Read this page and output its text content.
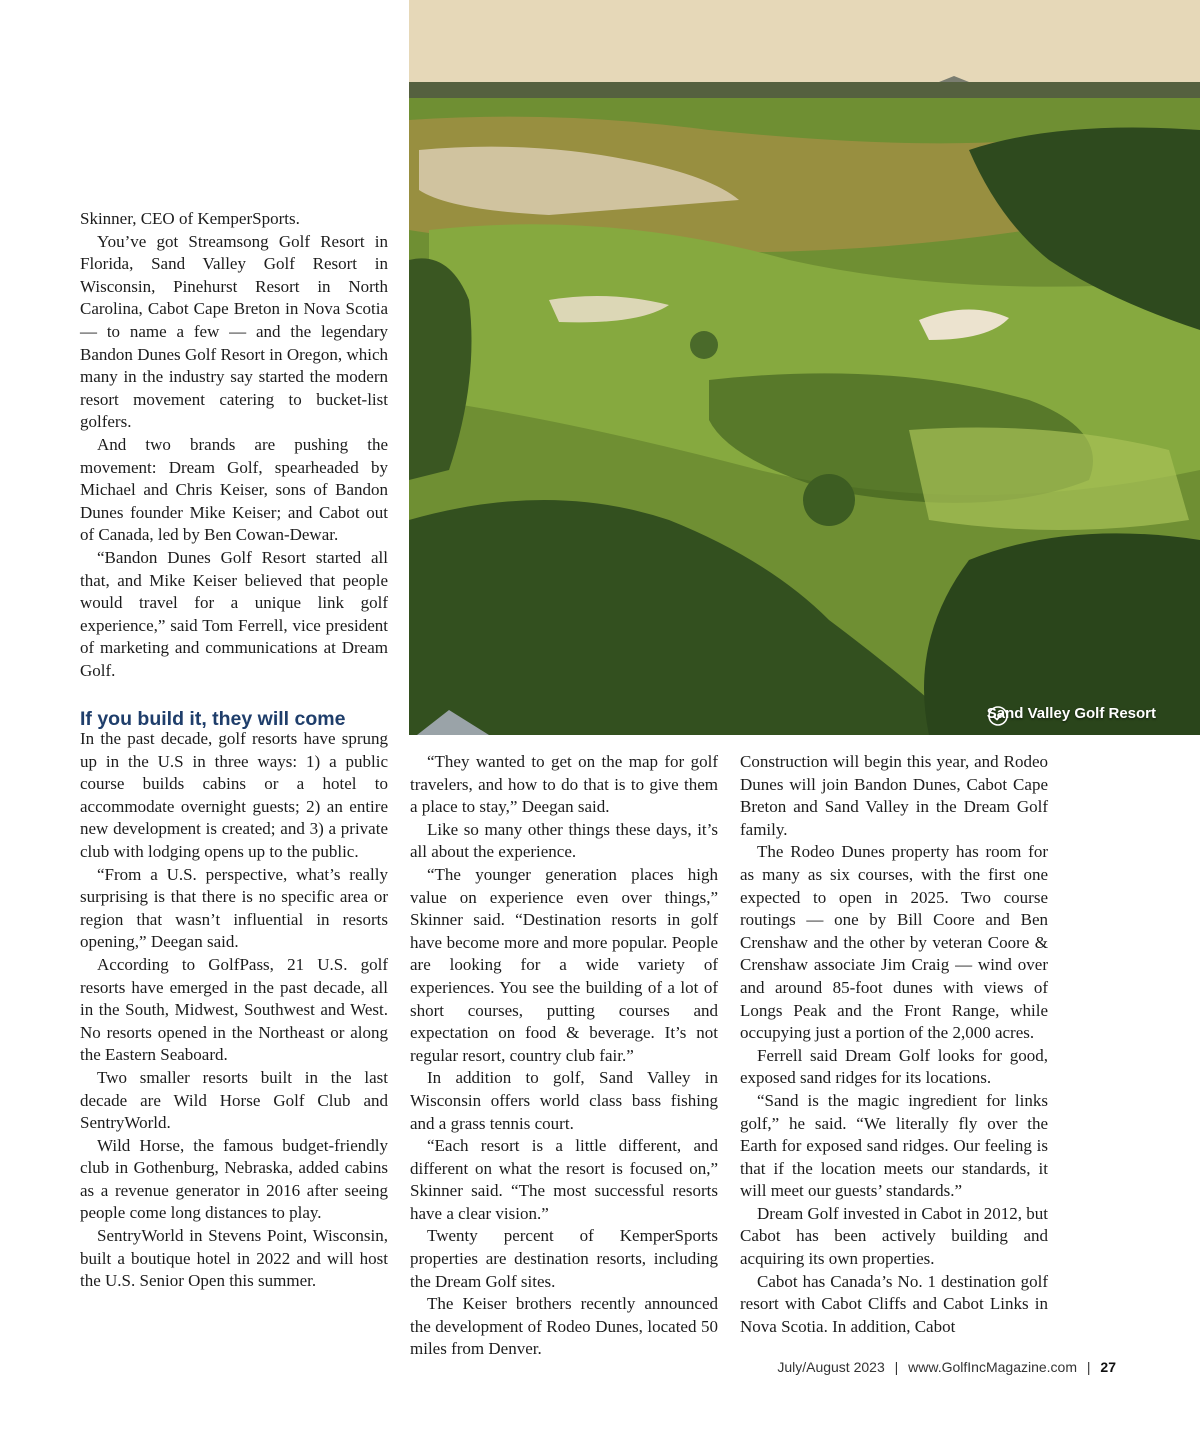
Skinner, CEO of KemperSports.

You’ve got Streamsong Golf Resort in Florida, Sand Valley Golf Resort in Wisconsin, Pinehurst Resort in North Carolina, Cabot Cape Breton in Nova Scotia — to name a few — and the legendary Bandon Dunes Golf Resort in Oregon, which many in the industry say started the modern resort movement catering to bucket-list golfers.

And two brands are pushing the movement: Dream Golf, spearheaded by Michael and Chris Keiser, sons of Bandon Dunes founder Mike Keiser; and Cabot out of Canada, led by Ben Cowan-Dewar.

“Bandon Dunes Golf Resort started all that, and Mike Keiser believed that people would travel for a unique link golf experience,” said Tom Ferrell, vice president of marketing and communications at Dream Golf.

If you build it, they will come

In the past decade, golf resorts have sprung up in the U.S in three ways: 1) a public course builds cabins or a hotel to accommodate overnight guests; 2) an entire new development is created; and 3) a private club with lodging opens up to the public.

“From a U.S. perspective, what’s really surprising is that there is no specific area or region that wasn’t influential in resorts opening,” Deegan said.

According to GolfPass, 21 U.S. golf resorts have emerged in the past decade, all in the South, Midwest, Southwest and West. No resorts opened in the Northeast or along the Eastern Seaboard.

Two smaller resorts built in the last decade are Wild Horse Golf Club and SentryWorld.

Wild Horse, the famous budget-friendly club in Gothenburg, Nebraska, added cabins as a revenue generator in 2016 after seeing people come long distances to play.

SentryWorld in Stevens Point, Wisconsin, built a boutique hotel in 2022 and will host the U.S. Senior Open this summer.

“They wanted to get on the map for golf travelers, and how to do that is to give them a place to stay,” Deegan said.

Like so many other things these days, it’s all about the experience.

“The younger generation places high value on experience even over things,” Skinner said. “Destination resorts in golf have become more and more popular. People are looking for a wide variety of experiences. You see the building of a lot of short courses, putting courses and expectation on food & beverage. It’s not regular resort, country club fair.”

In addition to golf, Sand Valley in Wisconsin offers world class bass fishing and a grass tennis court.

“Each resort is a little different, and different on what the resort is focused on,” Skinner said. “The most successful resorts have a clear vision.”

Twenty percent of KemperSports properties are destination resorts, including the Dream Golf sites.

The Keiser brothers recently announced the development of Rodeo Dunes, located 50 miles from Denver.

Construction will begin this year, and Rodeo Dunes will join Bandon Dunes, Cabot Cape Breton and Sand Valley in the Dream Golf family.

The Rodeo Dunes property has room for as many as six courses, with the first one expected to open in 2025. Two course routings — one by Bill Coore and Ben Crenshaw and the other by veteran Coore & Crenshaw associate Jim Craig — wind over and around 85-foot dunes with views of Longs Peak and the Front Range, while occupying just a portion of the 2,000 acres.

Ferrell said Dream Golf looks for good, exposed sand ridges for its locations.

“Sand is the magic ingredient for links golf,” he said. “We literally fly over the Earth for exposed sand ridges. Our feeling is that if the location meets our standards, it will meet our guests’ standards.”

Dream Golf invested in Cabot in 2012, but Cabot has been actively building and acquiring its own properties.

Cabot has Canada’s No. 1 destination golf resort with Cabot Cliffs and Cabot Links in Nova Scotia. In addition, Cabot

Sand Valley Golf Resort
July/August 2023 | www.GolfIncMagazine.com | 27
